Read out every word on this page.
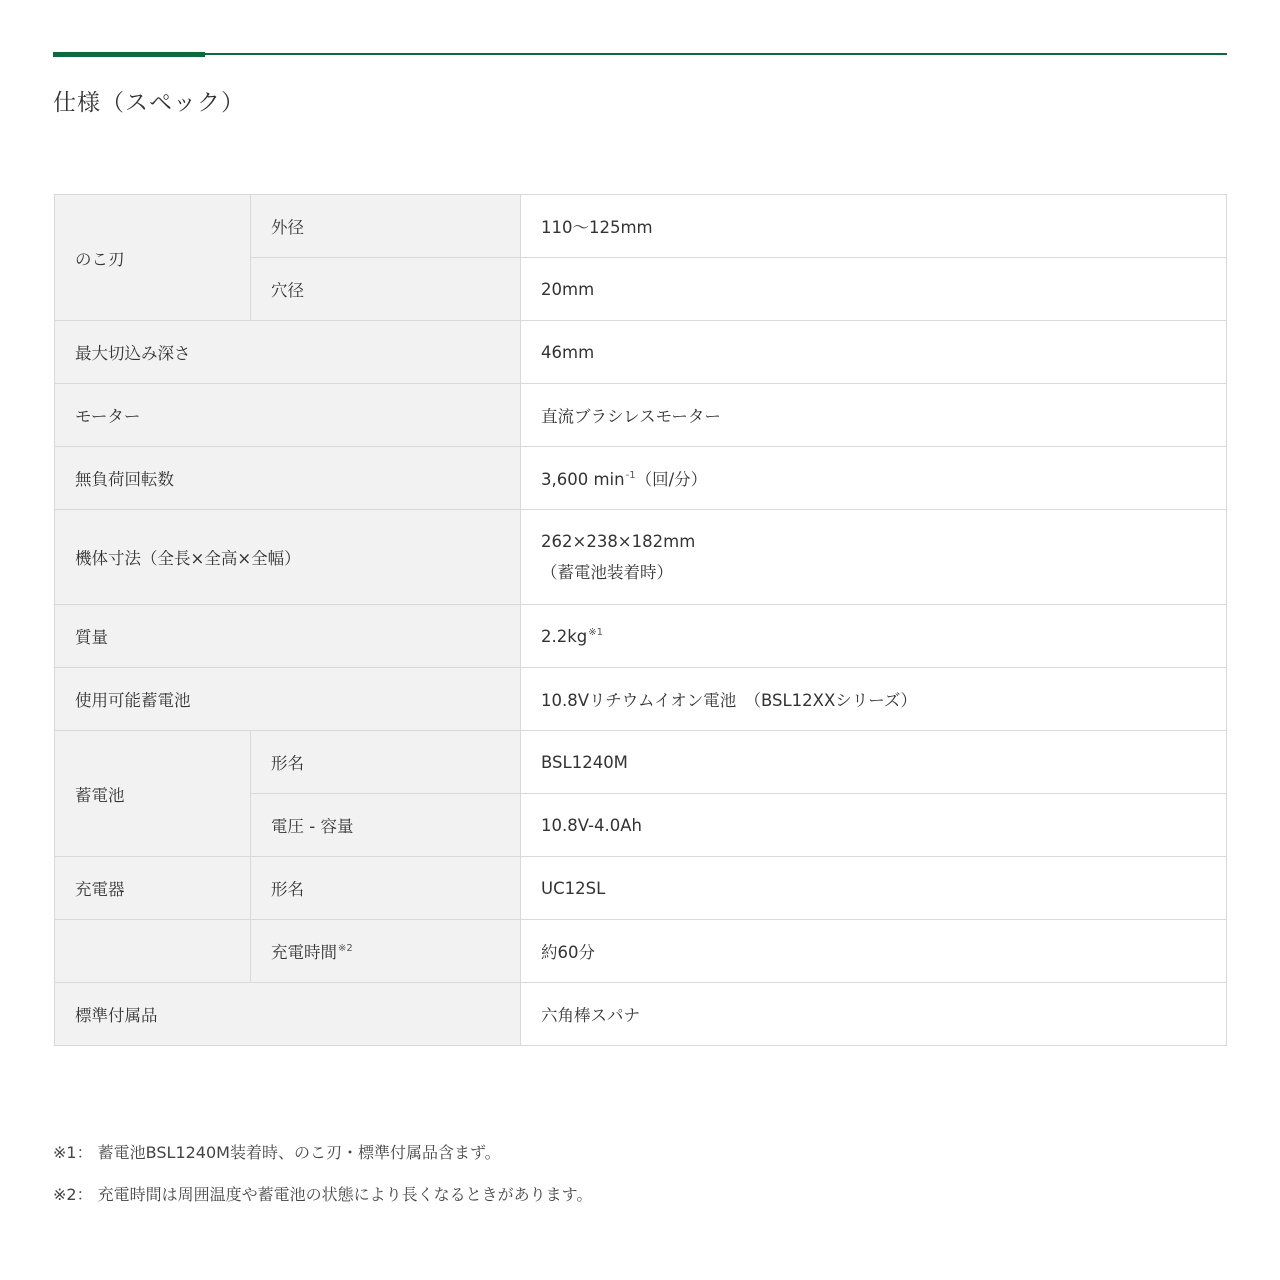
仕様（スペック）
のこ刃	外径	110～125mm
	穴径	20mm
最大切込み深さ		46mm
モーター		直流ブラシレスモーター
無負荷回転数		3,600 $\min^{-1}$（回/分）
機体寸法（全長×全高×全幅）		262×238×182mm
（蓄電池装着時）

質量		$2.2kg^{※1}$
使用可能蓄電池		10.8Vリチウムイオン電池　（BSL12XXシリーズ）
蓄電池	形名	BSL1240M
	電圧 - 容量	10.8V-4.0Ah
充電器	形名	UC12SL
	充電時間$^{※2}$	約60分
標準付属品		六角棒スパナ
※1： 蓄電池BSL1240M装着時、のこ刃・標準付属品含まず。
※2： 充電時間は周囲温度や蓄電池の状態により長くなるときがあります。
